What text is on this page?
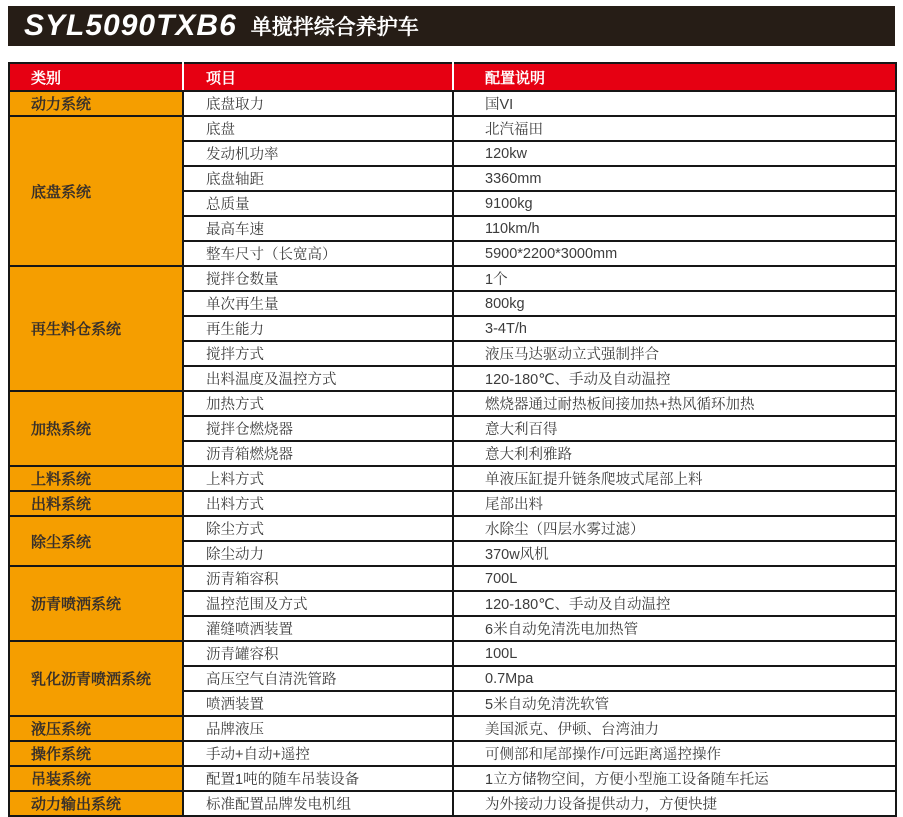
SYL5090TXB6 单搅拌综合养护车
类别	项目	配置说明
动力系统	底盘取力	国VI
底盘系统	底盘	北汽福田
	发动机功率	120kw
	底盘轴距	3360mm
	总质量	9100kg
	最高车速	110km/h
	整车尺寸（长宽高）	5900*2200*3000mm
再生料仓系统	搅拌仓数量	1个
	单次再生量	800kg
	再生能力	3-4T/h
	搅拌方式	液压马达驱动立式强制拌合
	出料温度及温控方式	120-180℃、手动及自动温控
加热系统	加热方式	燃烧器通过耐热板间接加热+热风循环加热
	搅拌仓燃烧器	意大利百得
	沥青箱燃烧器	意大利利雅路
上料系统	上料方式	单液压缸提升链条爬坡式尾部上料
出料系统	出料方式	尾部出料
除尘系统	除尘方式	水除尘（四层水雾过滤）
	除尘动力	370w风机
沥青喷洒系统	沥青箱容积	700L
	温控范围及方式	120-180℃、手动及自动温控
	灌缝喷洒装置	6米自动免清洗电加热管
乳化沥青喷洒系统	沥青罐容积	100L
	高压空气自清洗管路	0.7Mpa
	喷洒装置	5米自动免清洗软管
液压系统	品牌液压	美国派克、伊顿、台湾油力
操作系统	手动+自动+遥控	可侧部和尾部操作/可远距离遥控操作
吊装系统	配置1吨的随车吊装设备	1立方储物空间，方便小型施工设备随车托运
动力输出系统	标准配置品牌发电机组	为外接动力设备提供动力，方便快捷
